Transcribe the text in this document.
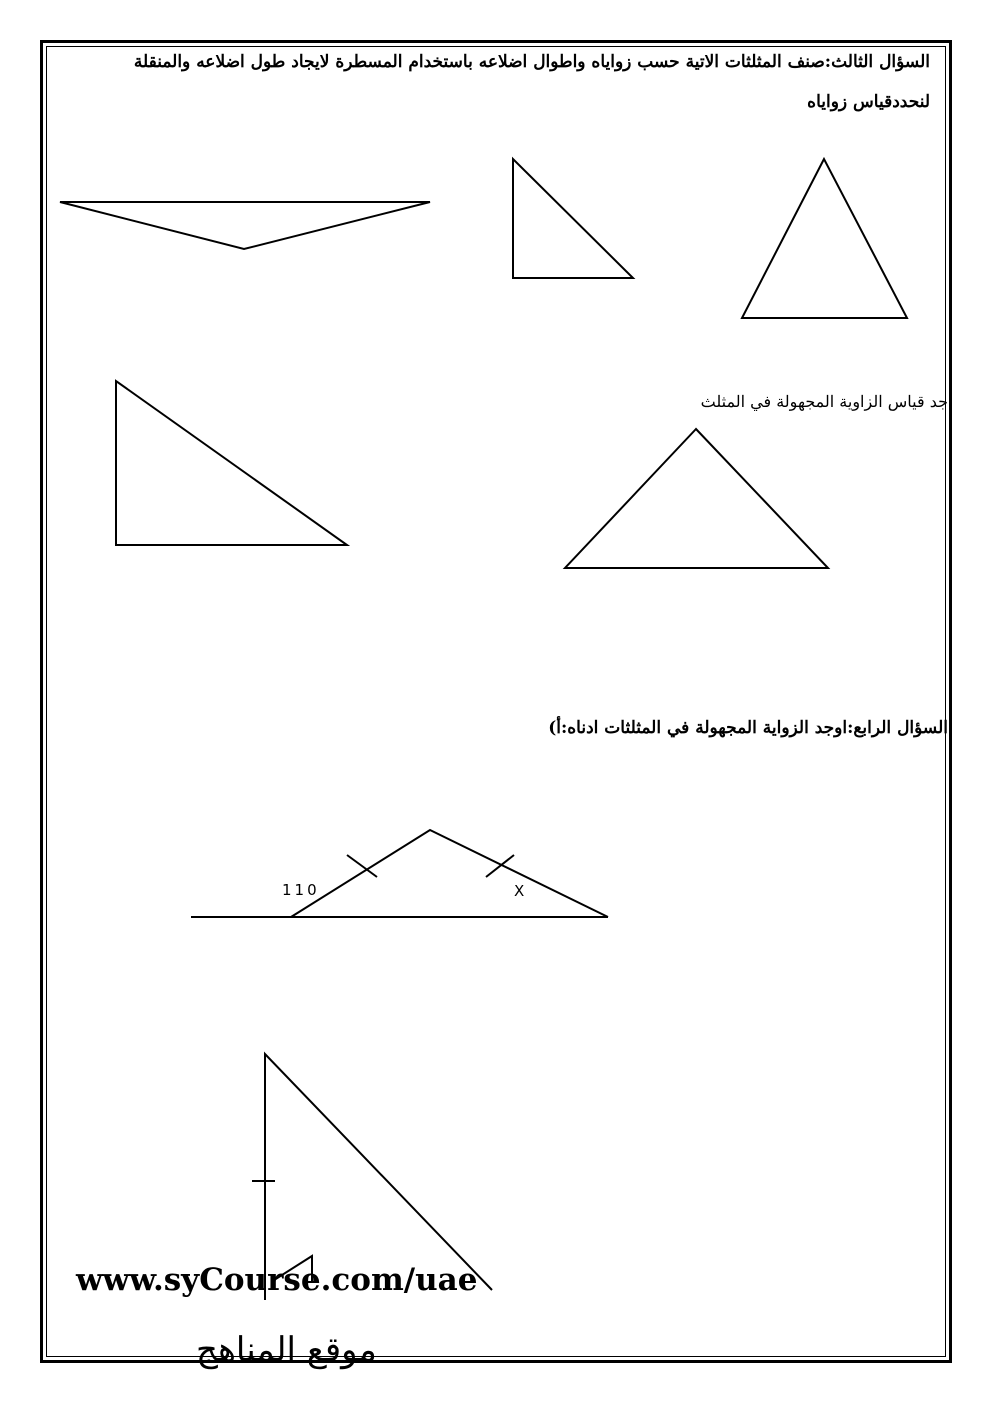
السؤال الثالث:صنف المثلثات الاتية حسب زواياه واطوال اضلاعه باستخدام المسطرة لايجاد طول اضلاعه والمنقلة
لنحددقياس زواياه
جد قياس الزاوية المجهولة في المثلث
السؤال الرابع:اوجد الزواية المجهولة في المثلثات ادناه:أ)
110	X
www.syCourse.com/uae
موقع المناهج
